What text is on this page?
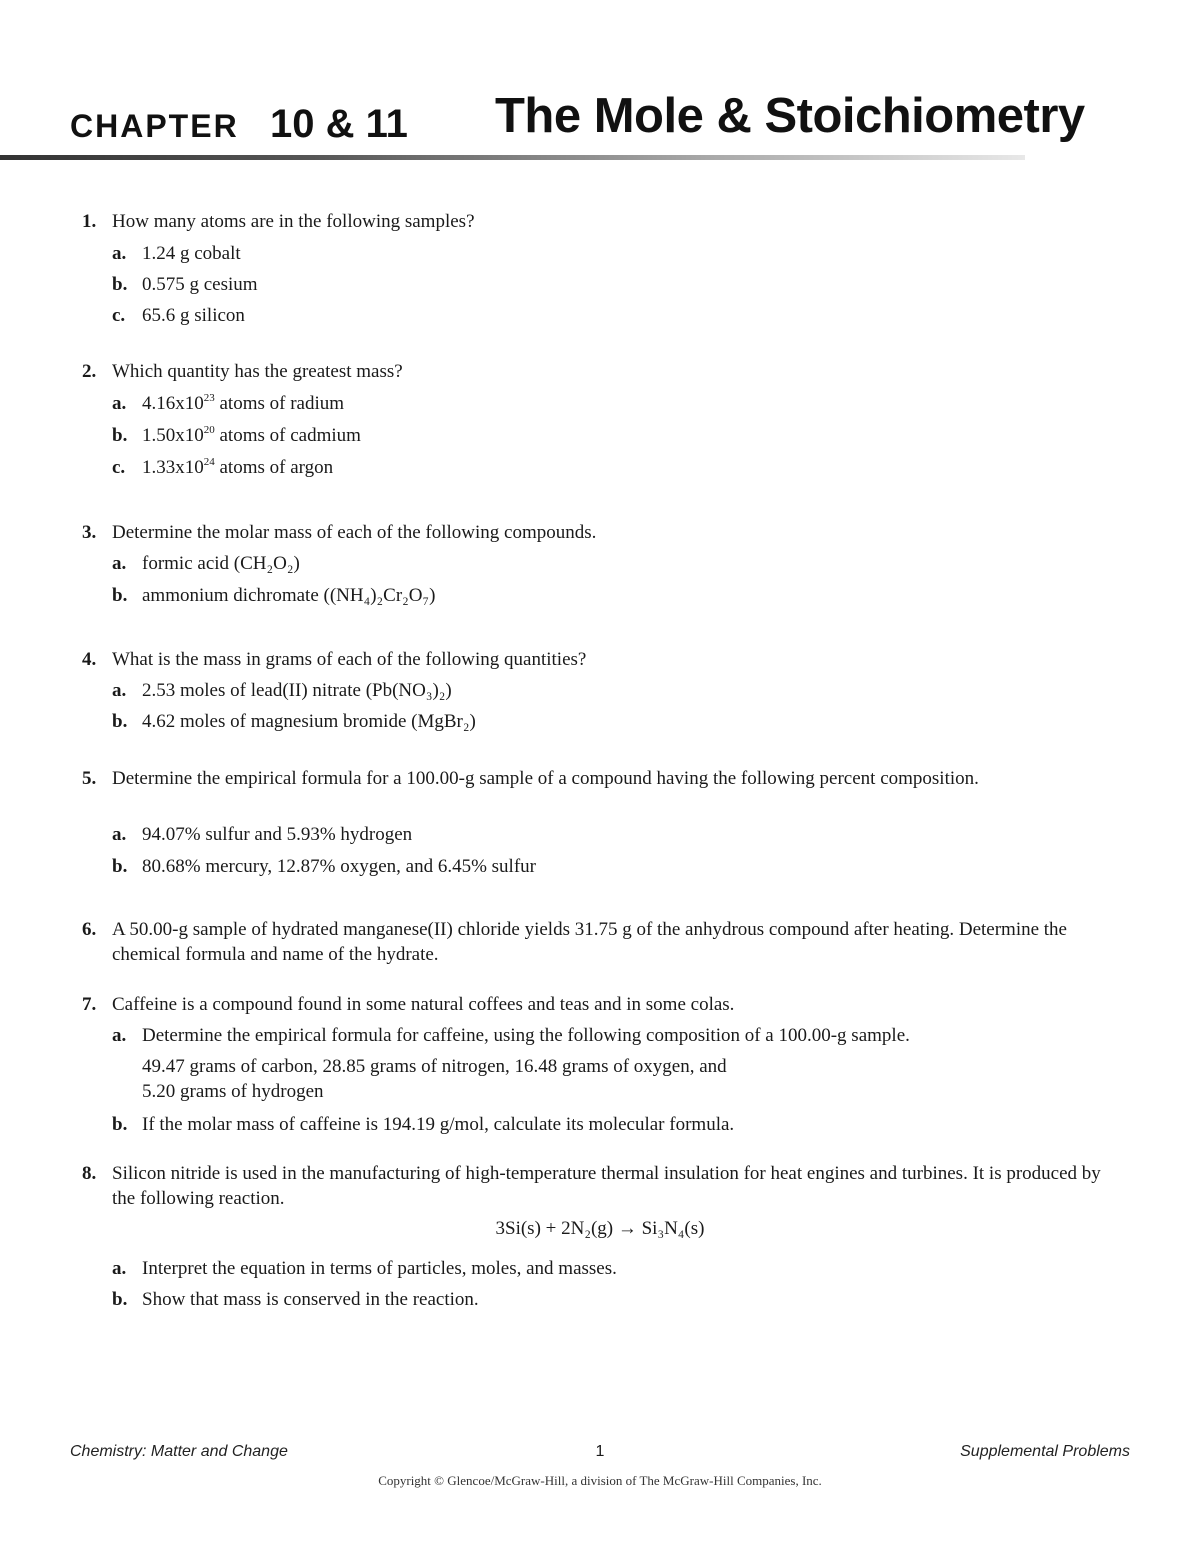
CHAPTER 10 & 11 The Mole & Stoichiometry
1. How many atoms are in the following samples?
a. 1.24 g cobalt
b. 0.575 g cesium
c. 65.6 g silicon
2. Which quantity has the greatest mass?
a. $4.16x10^{23}$ atoms of radium
b. $1.50x10^{20}$ atoms of cadmium
c. $1.33x10^{24}$ atoms of argon
3. Determine the molar mass of each of the following compounds.
a. formic acid (CH₂O₂)
b. ammonium dichromate ((NH₄)₂Cr₂O₇)
4. What is the mass in grams of each of the following quantities?
a. 2.53 moles of lead(II) nitrate (Pb(NO₃)₂)
b. 4.62 moles of magnesium bromide (MgBr₂)
5. Determine the empirical formula for a 100.00-g sample of a compound having the following percent composition.
a. 94.07% sulfur and 5.93% hydrogen
b. 80.68% mercury, 12.87% oxygen, and 6.45% sulfur
6. A 50.00-g sample of hydrated manganese(II) chloride yields 31.75 g of the anhydrous compound after heating. Determine the chemical formula and name of the hydrate.
7. Caffeine is a compound found in some natural coffees and teas and in some colas.
a. Determine the empirical formula for caffeine, using the following composition of a 100.00-g sample.
49.47 grams of carbon, 28.85 grams of nitrogen, 16.48 grams of oxygen, and
5.20 grams of hydrogen
b. If the molar mass of caffeine is 194.19 g/mol, calculate its molecular formula.
8. Silicon nitride is used in the manufacturing of high-temperature thermal insulation for heat engines and turbines. It is produced by the following reaction.
3Si(s) + 2N₂(g) → Si₃N₄(s)
a. Interpret the equation in terms of particles, moles, and masses.
b. Show that mass is conserved in the reaction.
Chemistry: Matter and Change	1	Supplemental Problems
Copyright © Glencoe/McGraw-Hill, a division of The McGraw-Hill Companies, Inc.
